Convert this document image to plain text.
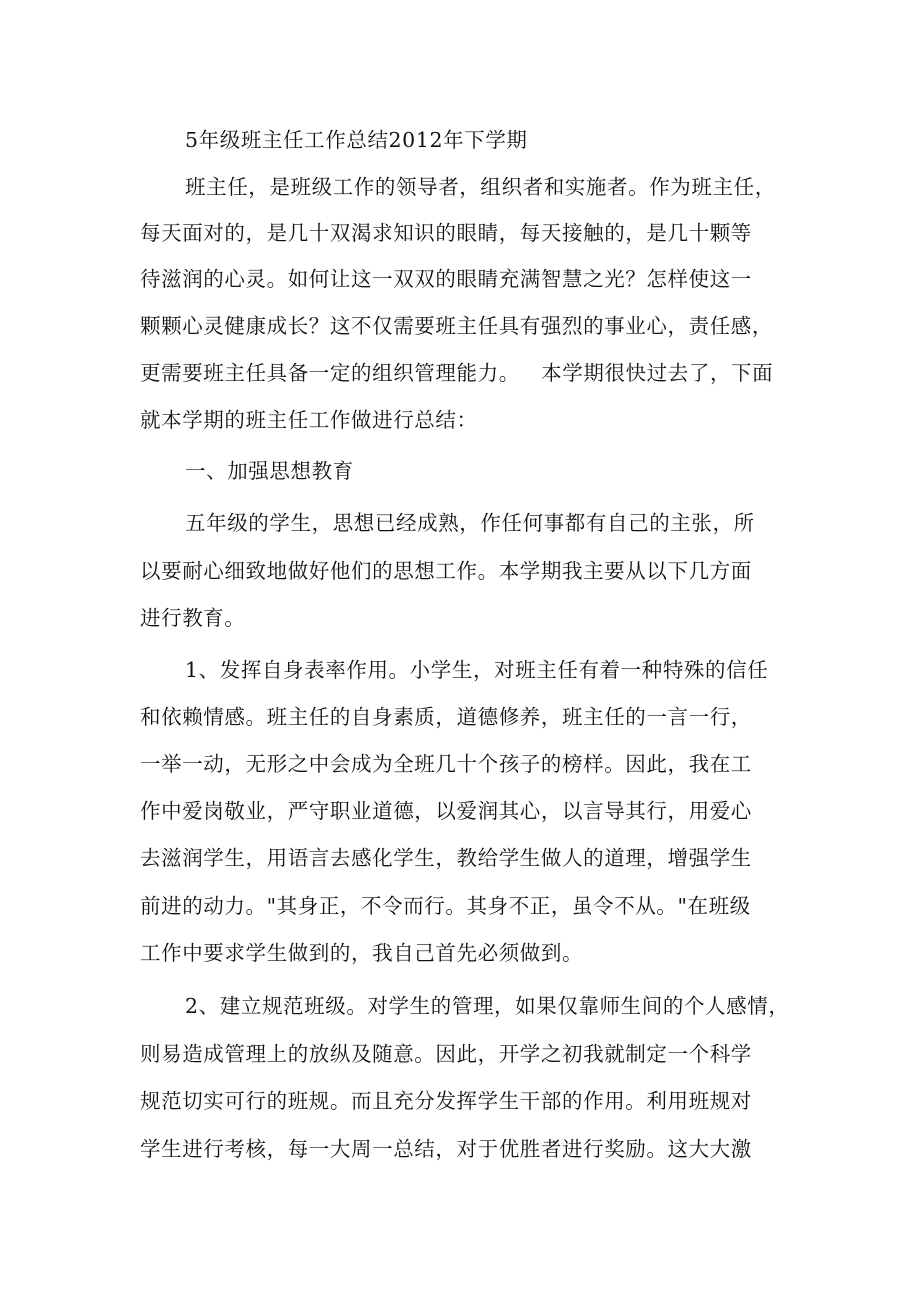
5年级班主任工作总结2012年下学期
班主任，是班级工作的领导者，组织者和实施者。作为班主任，
每天面对的，是几十双渴求知识的眼睛，每天接触的，是几十颗等
待滋润的心灵。如何让这一双双的眼睛充满智慧之光？怎样使这一
颗颗心灵健康成长？这不仅需要班主任具有强烈的事业心，责任感，
更需要班主任具备一定的组织管理能力。   本学期很快过去了，下面
就本学期的班主任工作做进行总结：
一、加强思想教育
五年级的学生，思想已经成熟，作任何事都有自己的主张，所
以要耐心细致地做好他们的思想工作。本学期我主要从以下几方面
进行教育。
1、发挥自身表率作用。小学生，对班主任有着一种特殊的信任
和依赖情感。班主任的自身素质，道德修养，班主任的一言一行，
一举一动，无形之中会成为全班几十个孩子的榜样。因此，我在工
作中爱岗敬业，严守职业道德，以爱润其心，以言导其行，用爱心
去滋润学生，用语言去感化学生，教给学生做人的道理，增强学生
前进的动力。"其身正，不令而行。其身不正，虽令不从。"在班级
工作中要求学生做到的，我自己首先必须做到。
2、建立规范班级。对学生的管理，如果仅靠师生间的个人感情，
则易造成管理上的放纵及随意。因此，开学之初我就制定一个科学
规范切实可行的班规。而且充分发挥学生干部的作用。利用班规对
学生进行考核，每一大周一总结，对于优胜者进行奖励。这大大激
